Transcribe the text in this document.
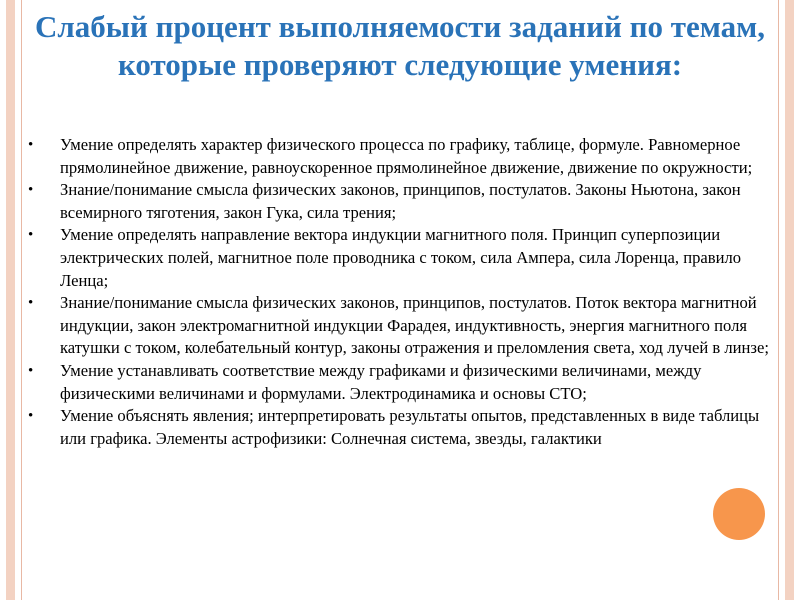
Слабый процент выполняемости заданий по темам, которые проверяют следующие умения:
• Умение определять характер физического процесса по графику, таблице, формуле. Равномерное прямолинейное движение, равноускоренное прямолинейное движение, движение по окружности;
• Знание/понимание смысла физических законов, принципов, постулатов. Законы Ньютона, закон всемирного тяготения, закон Гука, сила трения;
• Умение определять направление вектора индукции магнитного поля. Принцип суперпозиции электрических полей, магнитное поле проводника с током, сила Ампера, сила Лоренца, правило Ленца;
• Знание/понимание смысла физических законов, принципов, постулатов. Поток вектора магнитной индукции, закон электромагнитной индукции Фарадея, индуктивность, энергия магнитного поля катушки с током, колебательный контур, законы отражения и преломления света, ход лучей в линзе;
• Умение устанавливать соответствие между графиками и физическими величинами, между физическими величинами и формулами. Электродинамика и основы СТО;
• Умение объяснять явления; интерпретировать результаты опытов, представленных в виде таблицы или графика. Элементы астрофизики: Солнечная система, звезды, галактики
